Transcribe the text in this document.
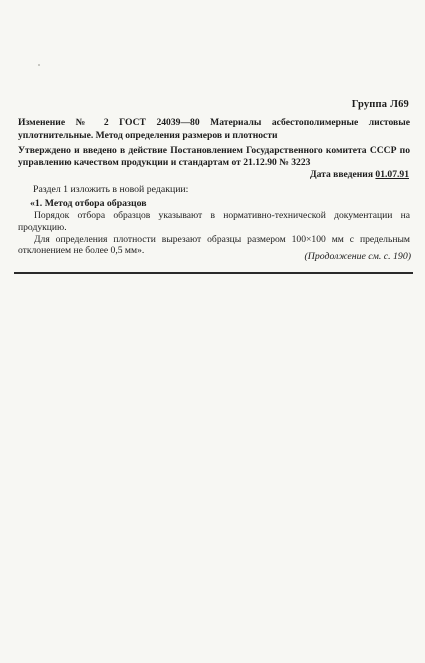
Группа Л69
Изменение № 2 ГОСТ 24039—80 Материалы асбестополимерные листовые уплотнительные. Метод определения размеров и плотности
Утверждено и введено в действие Постановлением Государственного комитета СССР по управлению качеством продукции и стандартам от 21.12.90 № 3223
Дата введения 01.07.91
Раздел 1 изложить в новой редакции:
«1. Метод отбора образцов
Порядок отбора образцов указывают в нормативно-технической документации на продукцию.
Для определения плотности вырезают образцы размером 100×100 мм с предельным отклонением не более 0,5 мм».
(Продолжение см. с. 190)
